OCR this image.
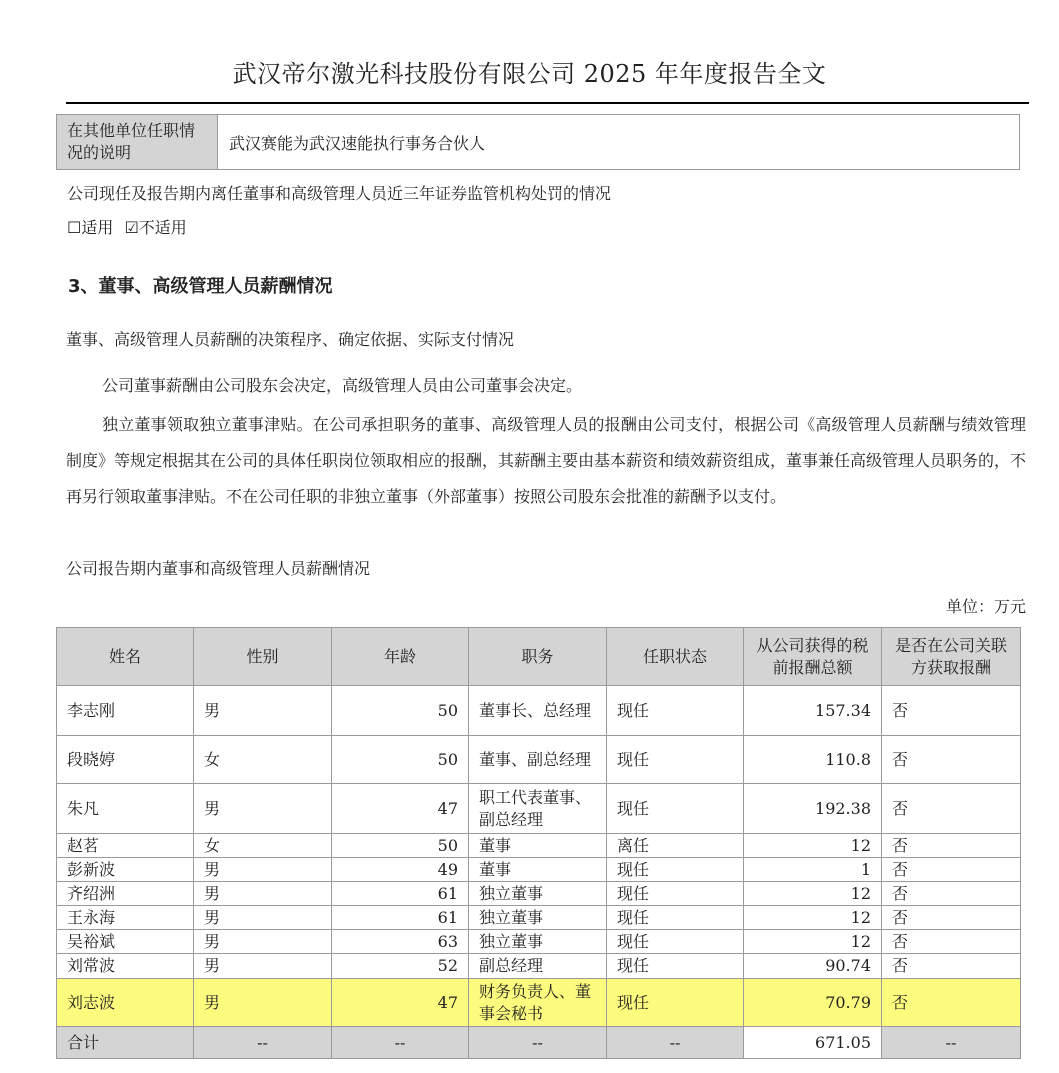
武汉帝尔激光科技股份有限公司 2025 年年度报告全文
在其他单位任职情况的说明	武汉赛能为武汉速能执行事务合伙人
公司现任及报告期内离任董事和高级管理人员近三年证券监管机构处罚的情况
☐适用 ☑不适用
3、董事、高级管理人员薪酬情况
董事、高级管理人员薪酬的决策程序、确定依据、实际支付情况
公司董事薪酬由公司股东会决定，高级管理人员由公司董事会决定。
独立董事领取独立董事津贴。在公司承担职务的董事、高级管理人员的报酬由公司支付，根据公司《高级管理人员薪酬与绩效管理制度》等规定根据其在公司的具体任职岗位领取相应的报酬，其薪酬主要由基本薪资和绩效薪资组成，董事兼任高级管理人员职务的，不再另行领取董事津贴。不在公司任职的非独立董事（外部董事）按照公司股东会批准的薪酬予以支付。
公司报告期内董事和高级管理人员薪酬情况
单位：万元
姓名	性别	年龄	职务	任职状态	从公司获得的税前报酬总额	是否在公司关联方获取报酬
李志刚	男	50	董事长、总经理	现任	157.34	否
段晓婷	女	50	董事、副总经理	现任	110.8	否
朱凡	男	47	职工代表董事、副总经理	现任	192.38	否
赵茗	女	50	董事	离任	12	否
彭新波	男	49	董事	现任	1	否
齐绍洲	男	61	独立董事	现任	12	否
王永海	男	61	独立董事	现任	12	否
吴裕斌	男	63	独立董事	现任	12	否
刘常波	男	52	副总经理	现任	90.74	否
刘志波	男	47	财务负责人、董事会秘书	现任	70.79	否
合计	--	--	--	--	671.05	--
